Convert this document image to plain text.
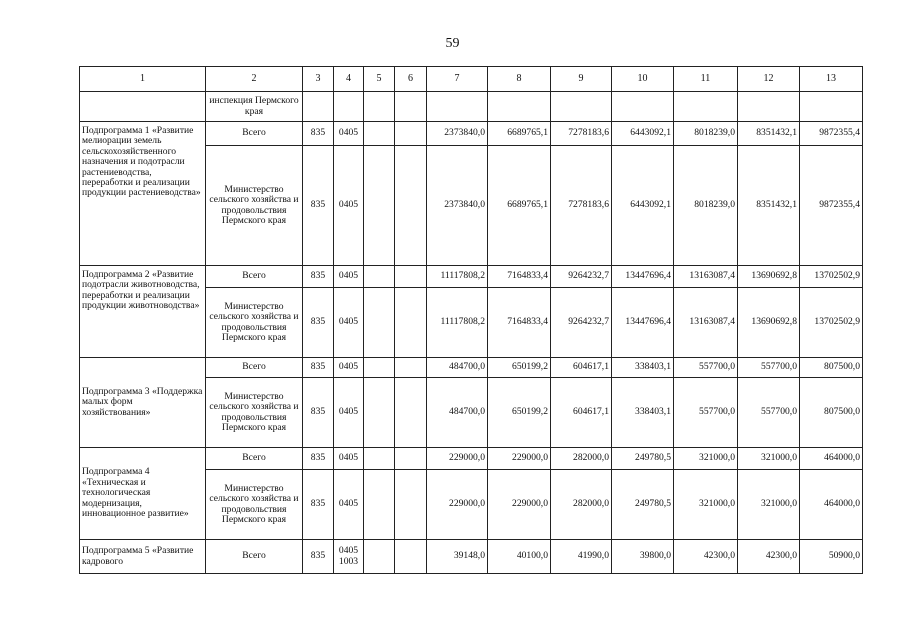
59
1	2	3	4	5	6	7	8	9	10	11	12	13
	инспекция Пермского края											
Подпрограмма 1 «Развитие мелиорации земель сельскохозяйственного назначения и подотрасли растениеводства, переработки и реализации продукции растениеводства»	Всего	835	0405			2373840,0	6689765,1	7278183,6	6443092,1	8018239,0	8351432,1	9872355,4
	Министерство сельского хозяйства и продовольствия Пермского края	835	0405			2373840,0	6689765,1	7278183,6	6443092,1	8018239,0	8351432,1	9872355,4
Подпрограмма 2 «Развитие подотрасли животноводства, переработки и реализации продукции животноводства»	Всего	835	0405			11117808,2	7164833,4	9264232,7	13447696,4	13163087,4	13690692,8	13702502,9
	Министерство сельского хозяйства и продовольствия Пермского края	835	0405			11117808,2	7164833,4	9264232,7	13447696,4	13163087,4	13690692,8	13702502,9
Подпрограмма 3 «Поддержка малых форм хозяйствования»	Всего	835	0405			484700,0	650199,2	604617,1	338403,1	557700,0	557700,0	807500,0
	Министерство сельского хозяйства и продовольствия Пермского края	835	0405			484700,0	650199,2	604617,1	338403,1	557700,0	557700,0	807500,0
Подпрограмма 4 «Техническая и технологическая модернизация, инновационное развитие»	Всего	835	0405			229000,0	229000,0	282000,0	249780,5	321000,0	321000,0	464000,0
	Министерство сельского хозяйства и продовольствия Пермского края	835	0405			229000,0	229000,0	282000,0	249780,5	321000,0	321000,0	464000,0
Подпрограмма 5 «Развитие кадрового	Всего	835	0405 1003			39148,0	40100,0	41990,0	39800,0	42300,0	42300,0	50900,0
